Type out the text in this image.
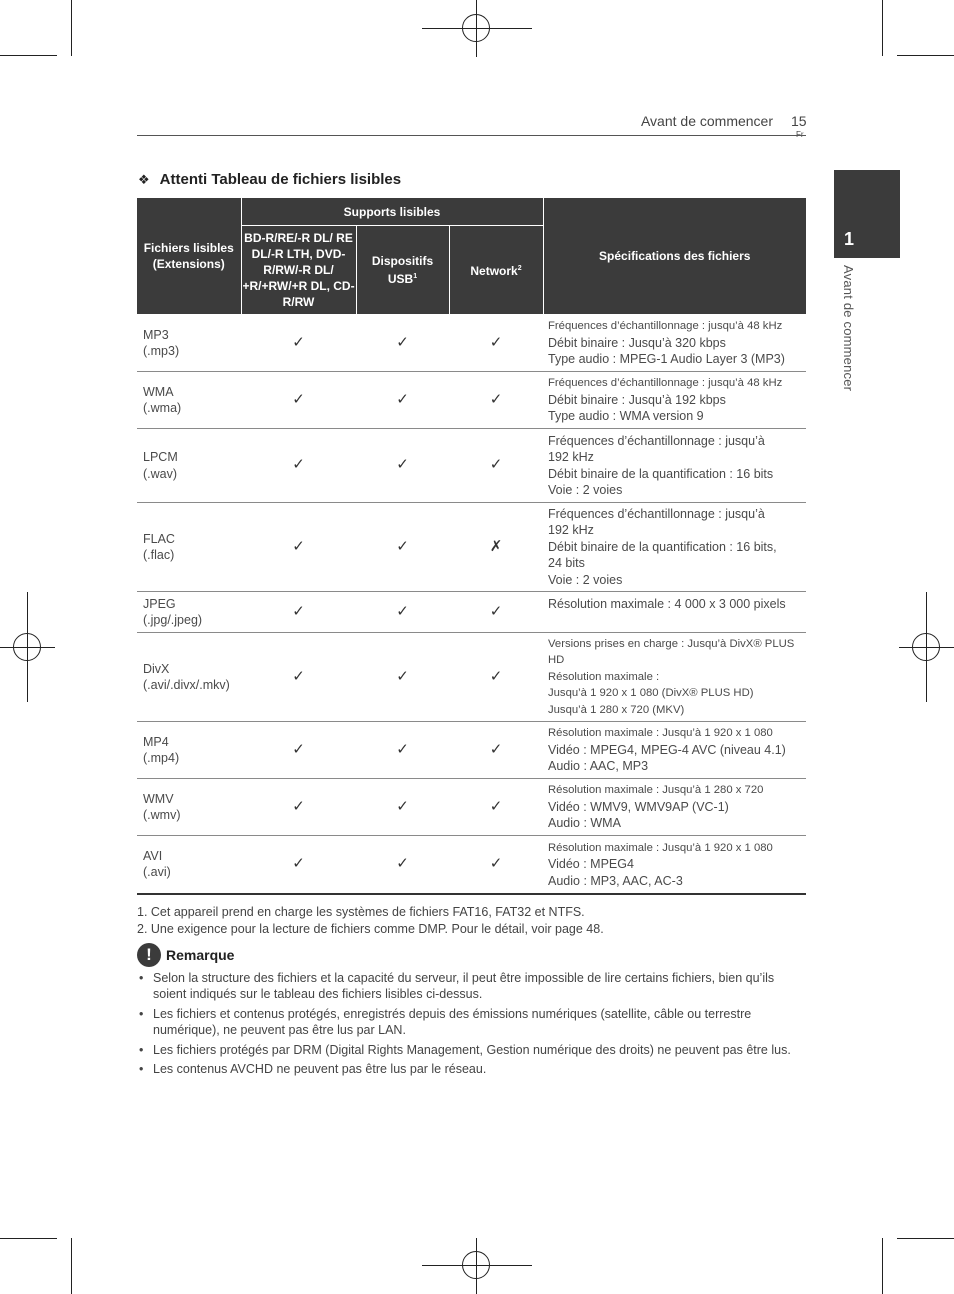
Avant de commencer 15
1
Avant de commencer
❖ Attenti Tableau de fichiers lisibles
Fichiers lisibles (Extensions)	Supports lisibles			Spécifications des fichiers
	BD-R/RE/-R DL/ RE DL/-R LTH, DVD-R/RW/-R DL/ +R/+RW/+R DL, CD-R/RW	Dispositifs USB$^1$	Network$^2$

MP3
(.mp3)	✓	✓	✓	Fréquences d’échantillonnage : jusqu’à 48 kHz
Débit binaire : Jusqu’à 320 kbps
Type audio : MPEG-1 Audio Layer 3 (MP3)

WMA
(.wma)	✓	✓	✓	Fréquences d’échantillonnage : jusqu’à 48 kHz
Débit binaire : Jusqu’à 192 kbps
Type audio : WMA version 9

LPCM
(.wav)	✓	✓	✓	Fréquences d’échantillonnage : jusqu’à
192 kHz
Débit binaire de la quantification : 16 bits
Voie : 2 voies

FLAC
(.flac)	✓	✓	✗	Fréquences d’échantillonnage : jusqu’à
192 kHz
Débit binaire de la quantification : 16 bits,
24 bits
Voie : 2 voies

JPEG
(.jpg/.jpeg)	✓	✓	✓	Résolution maximale : 4 000 x 3 000 pixels

DivX
(.avi/.divx/.mkv)	✓	✓	✓	Versions prises en charge : Jusqu’à DivX® PLUS HD
Résolution maximale :
Jusqu’à 1 920 x 1 080 (DivX® PLUS HD)
Jusqu’à 1 280 x 720 (MKV)

MP4
(.mp4)	✓	✓	✓	Résolution maximale : Jusqu’à 1 920 x 1 080
Vidéo : MPEG4, MPEG-4 AVC (niveau 4.1)
Audio : AAC, MP3

WMV
(.wmv)	✓	✓	✓	Résolution maximale : Jusqu’à 1 280 x 720
Vidéo : WMV9, WMV9AP (VC-1)
Audio : WMA

AVI
(.avi)	✓	✓	✓	Résolution maximale : Jusqu’à 1 920 x 1 080
Vidéo : MPEG4
Audio : MP3, AAC, AC-3
1. Cet appareil prend en charge les systèmes de fichiers FAT16, FAT32 et NTFS.
2. Une exigence pour la lecture de fichiers comme DMP. Pour le détail, voir page 48.
!	Remarque
• Selon la structure des fichiers et la capacité du serveur, il peut être impossible de lire certains fichiers, bien qu’ils soient indiqués sur le tableau des fichiers lisibles ci-dessus.
• Les fichiers et contenus protégés, enregistrés depuis des émissions numériques (satellite, câble ou terrestre numérique), ne peuvent pas être lus par LAN.
• Les fichiers protégés par DRM (Digital Rights Management, Gestion numérique des droits) ne peuvent pas être lus.
• Les contenus AVCHD ne peuvent pas être lus par le réseau.
